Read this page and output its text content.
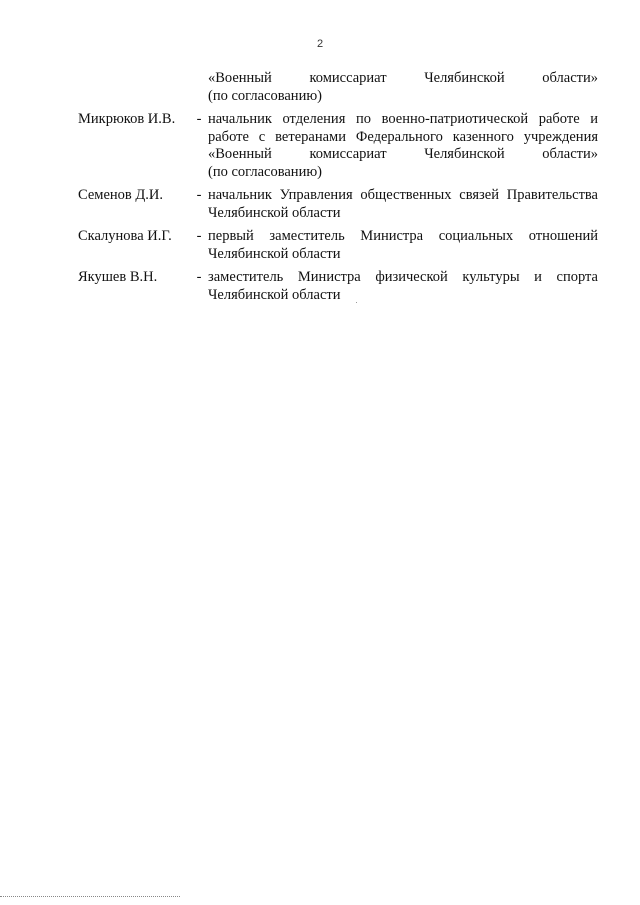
2
«Военный комиссариат Челябинской области»
(по согласованию)
Микрюков И.В.	- начальник отделения по военно-патриотической работе и
работе с ветеранами Федерального казенного учреждения
«Военный комиссариат Челябинской области»
(по согласованию)
Семенов Д.И.	- начальник Управления общественных связей Правительства
Челябинской области
Скалунова И.Г.	- первый заместитель Министра социальных отношений
Челябинской области
Якушев В.Н.	- заместитель Министра физической культуры и спорта
Челябинской области
